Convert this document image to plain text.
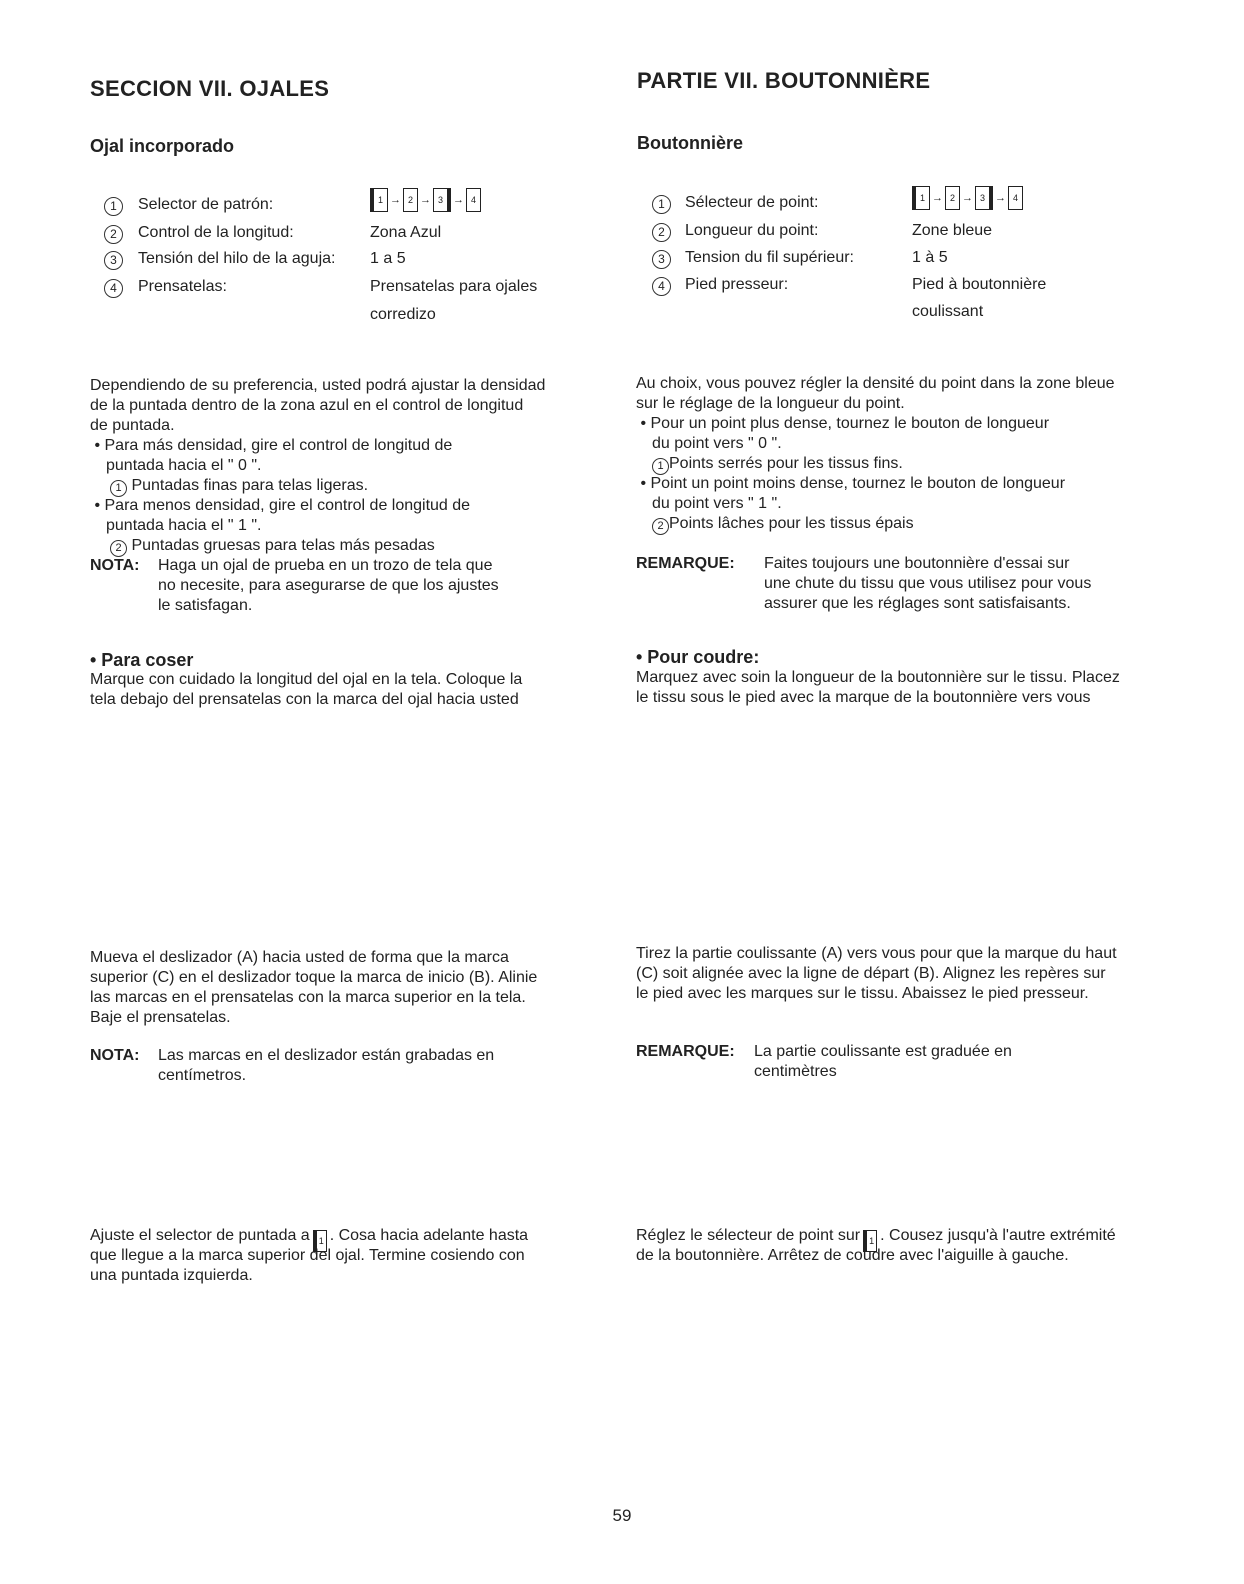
SECCION VII. OJALES
Ojal incorporado
1	Selector de patrón:	1 → 2 → 3 → 4
2	Control de la longitud:	Zona Azul
3	Tensión del hilo de la aguja: 1 a 5
4	Prensatelas:	Prensatelas para ojales
corredizo
Dependiendo de su preferencia, usted podrá ajustar la densidad
de la puntada dentro de la zona azul en el control de longitud
de puntada.
• Para más densidad, gire el control de longitud de
puntada hacia el " 0 ".
1 Puntadas finas para telas ligeras.
• Para menos densidad, gire el control de longitud de
puntada hacia el " 1 ".
2 Puntadas gruesas para telas más pesadas
NOTA: Haga un ojal de prueba en un trozo de tela que
no necesite, para asegurarse de que los ajustes
le satisfagan.
• Para coser
Marque con cuidado la longitud del ojal en la tela. Coloque la
tela debajo del prensatelas con la marca del ojal hacia usted
Mueva el deslizador (A) hacia usted de forma que la marca
superior (C) en el deslizador toque la marca de inicio (B). Alinie
las marcas en el prensatelas con la marca superior en la tela.
Baje el prensatelas.
NOTA: Las marcas en el deslizador están grabadas en
centímetros.
Ajuste el selector de puntada a 1 . Cosa hacia adelante hasta
que llegue a la marca superior del ojal. Termine cosiendo con
una puntada izquierda.
PARTIE VII. BOUTONNIÈRE
Boutonnière
1	Sélecteur de point:	1 → 2 → 3 → 4
2	Longueur du point:	Zone bleue
3	Tension du fil supérieur:	1 à 5
4	Pied presseur:	Pied à boutonnière
coulissant
Au choix, vous pouvez régler la densité du point dans la zone bleue
sur le réglage de la longueur du point.
• Pour un point plus dense, tournez le bouton de longueur
du point vers " 0 ".
1 Points serrés pour les tissus fins.
• Point un point moins dense, tournez le bouton de longueur
du point vers " 1 ".
2 Points lâches pour les tissus épais
REMARQUE: Faites toujours une boutonnière d'essai sur
une chute du tissu que vous utilisez pour vous
assurer que les réglages sont satisfaisants.
• Pour coudre:
Marquez avec soin la longueur de la boutonnière sur le tissu. Placez
le tissu sous le pied avec la marque de la boutonnière vers vous
Tirez la partie coulissante (A) vers vous pour que la marque du haut
(C) soit alignée avec la ligne de départ (B). Alignez les repères sur
le pied avec les marques sur le tissu. Abaissez le pied presseur.
REMARQUE: La partie coulissante est graduée en
centimètres
Réglez le sélecteur de point sur 1 . Cousez jusqu'à l'autre extrémité
de la boutonnière. Arrêtez de coudre avec l'aiguille à gauche.
59
